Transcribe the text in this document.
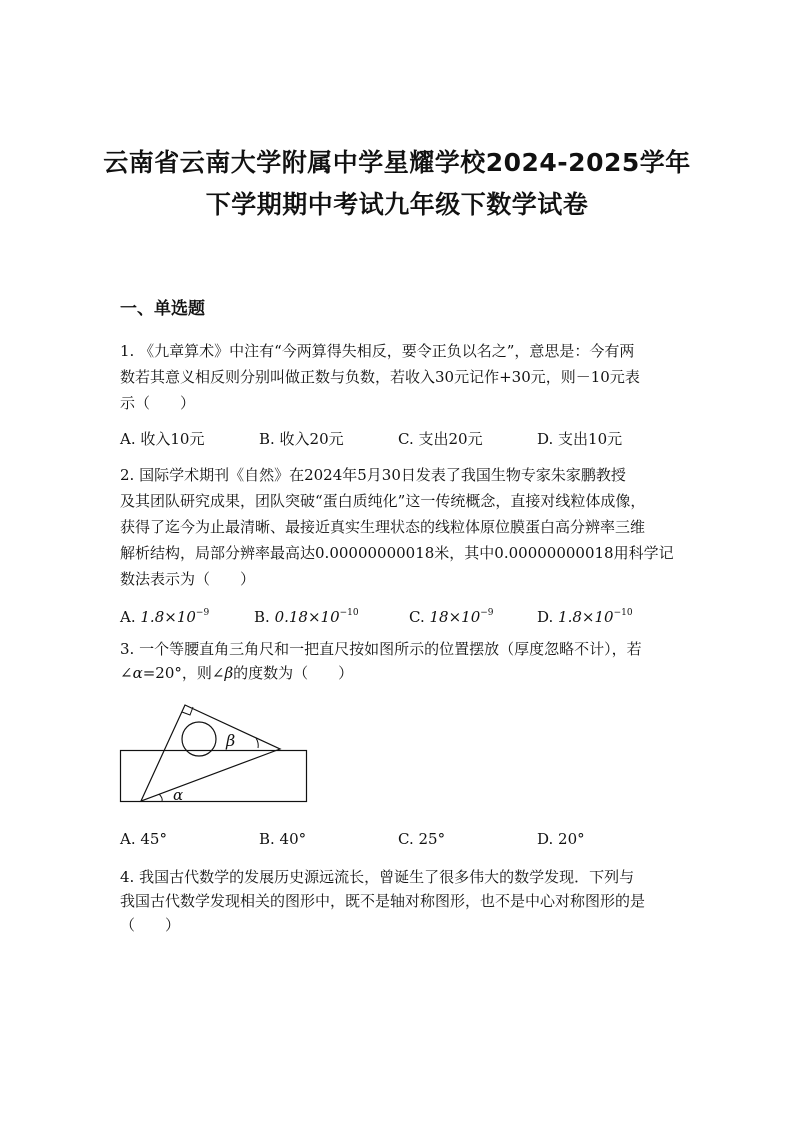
云南省云南大学附属中学星耀学校2024-2025学年
下学期期中考试九年级下数学试卷
一、单选题
1. 《九章算术》中注有“今两算得失相反，要令正负以名之”，意思是：今有两
数若其意义相反则分别叫做正数与负数，若收入30元记作+30元，则－10元表
示（　　）
A. 收入10元	B. 收入20元	C. 支出20元	D. 支出10元
2. 国际学术期刊《自然》在2024年5月30日发表了我国生物专家朱家鹏教授
及其团队研究成果，团队突破“蛋白质纯化”这一传统概念，直接对线粒体成像，
获得了迄今为止最清晰、最接近真实生理状态的线粒体原位膜蛋白高分辨率三维
解析结构，局部分辨率最高达0.00000000018米，其中0.00000000018用科学记
数法表示为（　　）
A. $1.8\times 10^{-9}$	B. $0.18\times 10^{-10}$	C. $18\times 10^{-9}$	D. $1.8\times 10^{-10}$
3. 一个等腰直角三角尺和一把直尺按如图所示的位置摆放（厚度忽略不计），若
∠α=20°，则∠β的度数为（　　）
β
α
A. 45°	B. 40°	C. 25°	D. 20°
4. 我国古代数学的发展历史源远流长，曾诞生了很多伟大的数学发现．下列与
我国古代数学发现相关的图形中，既不是轴对称图形，也不是中心对称图形的是
（　　）
